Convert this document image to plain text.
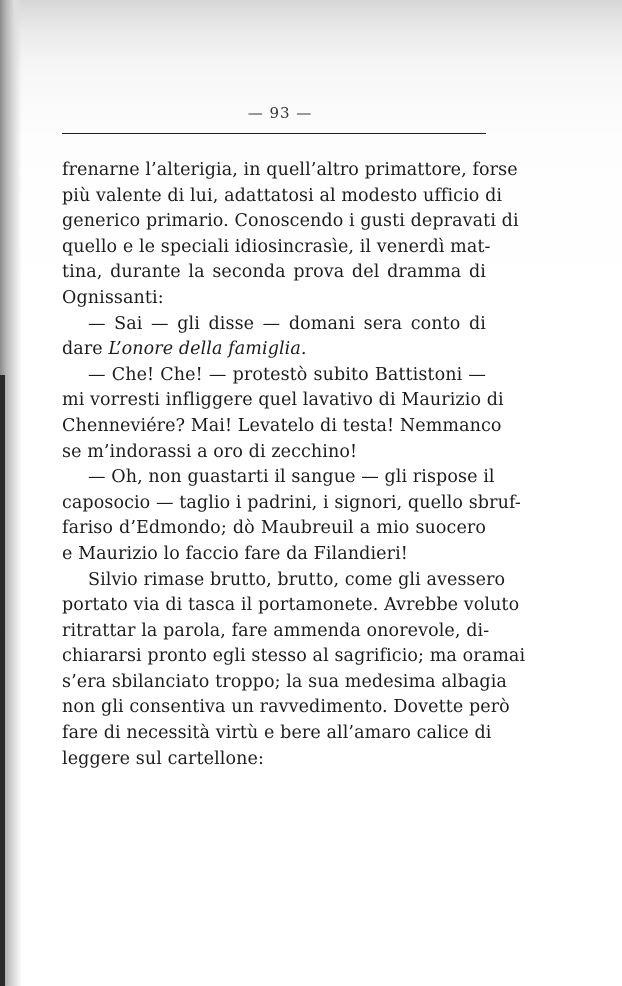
— 93 —
frenarne l’alterigia, in quell’altro primattore, forse
più valente di lui, adattatosi al modesto ufficio di
generico primario. Conoscendo i gusti depravati di
quello e le speciali idiosincrasìe, il venerdì mat-
tina, durante la seconda prova del dramma di
Ognissanti:
— Sai — gli disse — domani sera conto di
dare L’onore della famiglia.
— Che! Che! — protestò subito Battistoni —
mi vorresti infliggere quel lavativo di Maurizio di
Chenneviére? Mai! Levatelo di testa! Nemmanco
se m’indorassi a oro di zecchino!
— Oh, non guastarti il sangue — gli rispose il
caposocio — taglio i padrini, i signori, quello sbruf-
fariso d’Edmondo; dò Maubreuil a mio suocero
e Maurizio lo faccio fare da Filandieri!
Silvio rimase brutto, brutto, come gli avessero
portato via di tasca il portamonete. Avrebbe voluto
ritrattar la parola, fare ammenda onorevole, di-
chiararsi pronto egli stesso al sagrificio; ma oramai
s’era sbilanciato troppo; la sua medesima albagia
non gli consentiva un ravvedimento. Dovette però
fare di necessità virtù e bere all’amaro calice di
leggere sul cartellone:
